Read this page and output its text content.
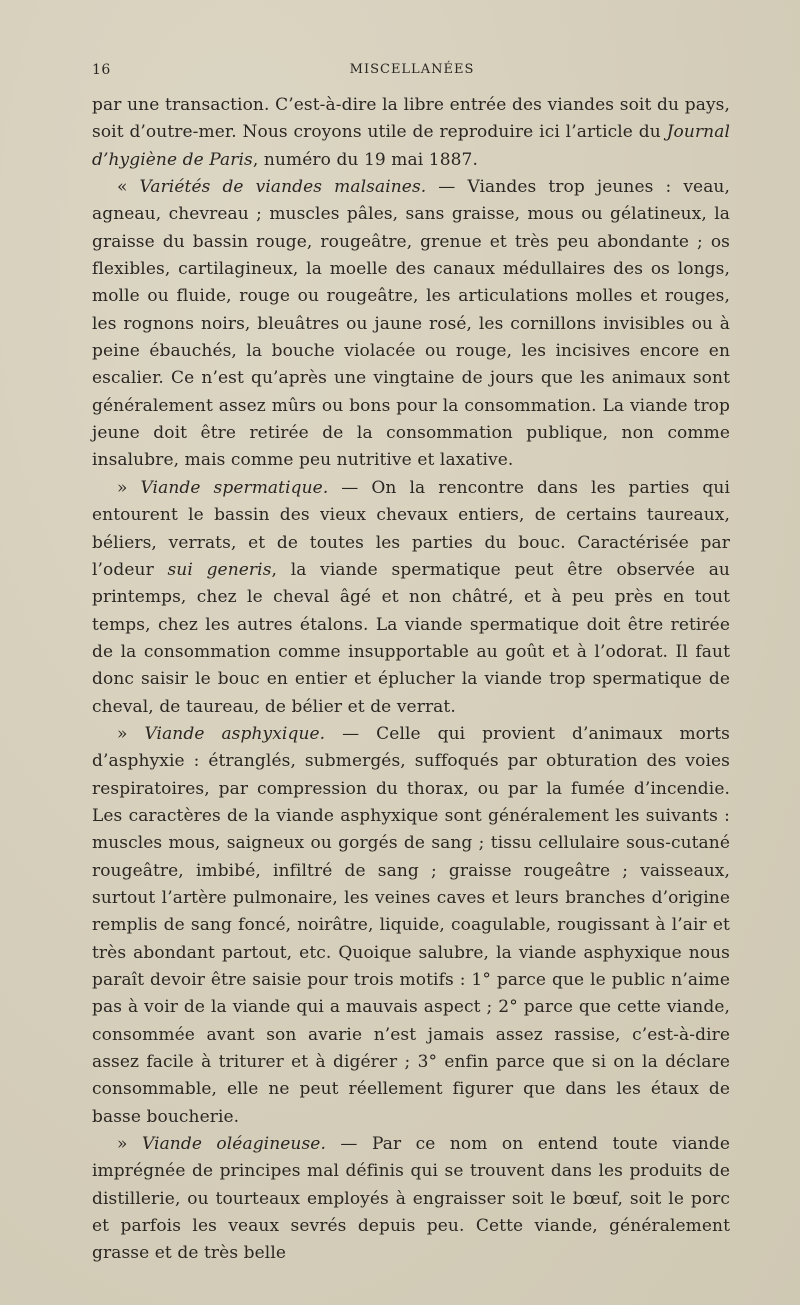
16	MISCELLANÉES

par une transaction. C’est-à-dire la libre entrée des viandes soit du pays, soit d’outre-mer. Nous croyons utile de reproduire ici l’article du Journal d’hygiène de Paris, numéro du 19 mai 1887.

« Variétés de viandes malsaines. — Viandes trop jeunes : veau, agneau, chevreau ; muscles pâles, sans graisse, mous ou gélatineux, la graisse du bassin rouge, rougeâtre, grenue et très peu abondante ; os flexibles, cartilagineux, la moelle des canaux médullaires des os longs, molle ou fluide, rouge ou rougeâtre, les articulations molles et rouges, les rognons noirs, bleuâtres ou jaune rosé, les cornillons invisibles ou à peine ébauchés, la bouche violacée ou rouge, les incisives encore en escalier. Ce n’est qu’après une vingtaine de jours que les animaux sont généralement assez mûrs ou bons pour la consommation. La viande trop jeune doit être retirée de la consommation publique, non comme insalubre, mais comme peu nutritive et laxative.

» Viande spermatique. — On la rencontre dans les parties qui entourent le bassin des vieux chevaux entiers, de certains taureaux, béliers, verrats, et de toutes les parties du bouc. Caractérisée par l’odeur sui generis, la viande spermatique peut être observée au printemps, chez le cheval âgé et non châtré, et à peu près en tout temps, chez les autres étalons. La viande spermatique doit être retirée de la consommation comme insupportable au goût et à l’odorat. Il faut donc saisir le bouc en entier et éplucher la viande trop spermatique de cheval, de taureau, de bélier et de verrat.

» Viande asphyxique. — Celle qui provient d’animaux morts d’asphyxie : étranglés, submergés, suffoqués par obturation des voies respiratoires, par compression du thorax, ou par la fumée d’incendie. Les caractères de la viande asphyxique sont généralement les suivants : muscles mous, saigneux ou gorgés de sang ; tissu cellulaire sous-cutané rougeâtre, imbibé, infiltré de sang ; graisse rougeâtre ; vaisseaux, surtout l’artère pulmonaire, les veines caves et leurs branches d’origine remplis de sang foncé, noirâtre, liquide, coagulable, rougissant à l’air et très abondant partout, etc. Quoique salubre, la viande asphyxique nous paraît devoir être saisie pour trois motifs : 1° parce que le public n’aime pas à voir de la viande qui a mauvais aspect ; 2° parce que cette viande, consommée avant son avarie n’est jamais assez rassise, c’est-à-dire assez facile à triturer et à digérer ; 3° enfin parce que si on la déclare consommable, elle ne peut réellement figurer que dans les étaux de basse boucherie.

» Viande oléagineuse. — Par ce nom on entend toute viande imprégnée de principes mal définis qui se trouvent dans les produits de distillerie, ou tourteaux employés à engraisser soit le bœuf, soit le porc et parfois les veaux sevrés depuis peu. Cette viande, généralement grasse et de très belle
